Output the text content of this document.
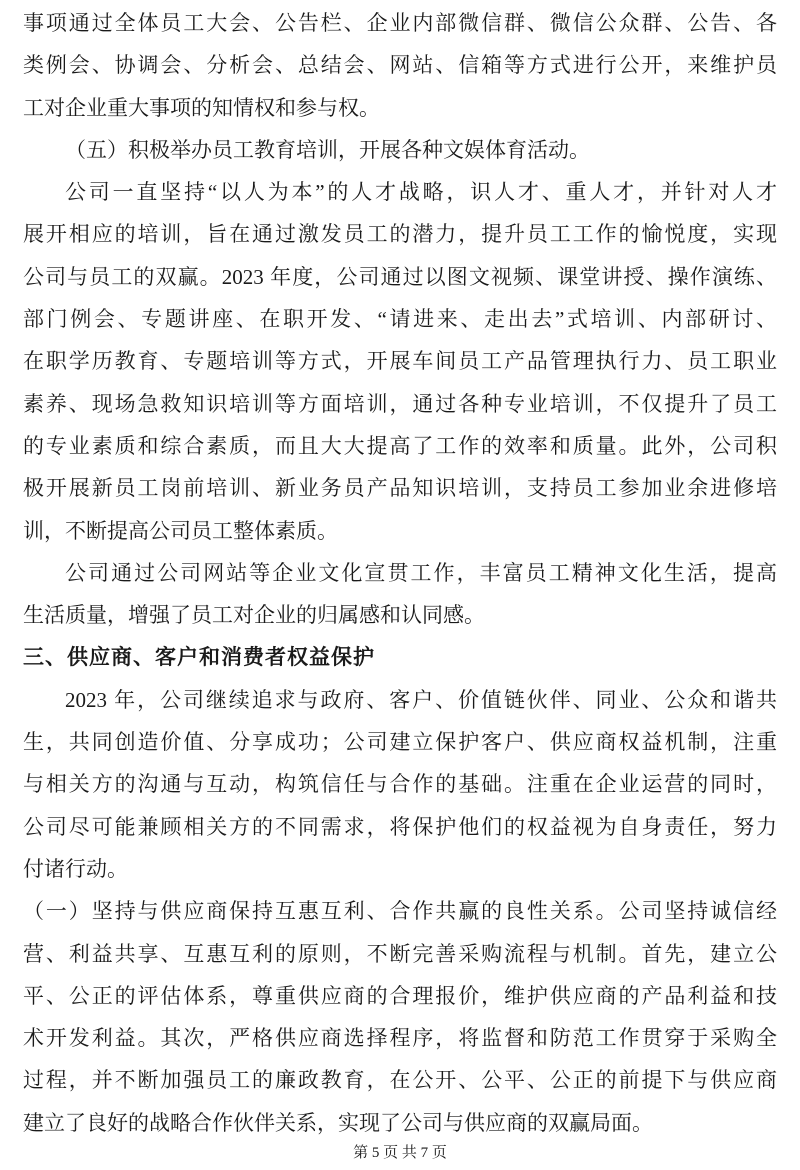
事项通过全体员工大会、公告栏、企业内部微信群、微信公众群、公告、各
类例会、协调会、分析会、总结会、网站、信箱等方式进行公开，来维护员
工对企业重大事项的知情权和参与权。
（五）积极举办员工教育培训，开展各种文娱体育活动。
公司一直坚持“以人为本”的人才战略，识人才、重人才，并针对人才
展开相应的培训，旨在通过激发员工的潜力，提升员工工作的愉悦度，实现
公司与员工的双赢。2023 年度，公司通过以图文视频、课堂讲授、操作演练、
部门例会、专题讲座、在职开发、“请进来、走出去”式培训、内部研讨、
在职学历教育、专题培训等方式，开展车间员工产品管理执行力、员工职业
素养、现场急救知识培训等方面培训，通过各种专业培训，不仅提升了员工
的专业素质和综合素质，而且大大提高了工作的效率和质量。此外，公司积
极开展新员工岗前培训、新业务员产品知识培训，支持员工参加业余进修培
训，不断提高公司员工整体素质。
公司通过公司网站等企业文化宣贯工作，丰富员工精神文化生活，提高
生活质量，增强了员工对企业的归属感和认同感。
三、供应商、客户和消费者权益保护
2023 年，公司继续追求与政府、客户、价值链伙伴、同业、公众和谐共
生，共同创造价值、分享成功；公司建立保护客户、供应商权益机制，注重
与相关方的沟通与互动，构筑信任与合作的基础。注重在企业运营的同时，
公司尽可能兼顾相关方的不同需求，将保护他们的权益视为自身责任，努力
付诸行动。
（一）坚持与供应商保持互惠互利、合作共赢的良性关系。公司坚持诚信经
营、利益共享、互惠互利的原则，不断完善采购流程与机制。首先，建立公
平、公正的评估体系，尊重供应商的合理报价，维护供应商的产品利益和技
术开发利益。其次，严格供应商选择程序，将监督和防范工作贯穿于采购全
过程，并不断加强员工的廉政教育，在公开、公平、公正的前提下与供应商
建立了良好的战略合作伙伴关系，实现了公司与供应商的双赢局面。
第 5 页 共 7 页
